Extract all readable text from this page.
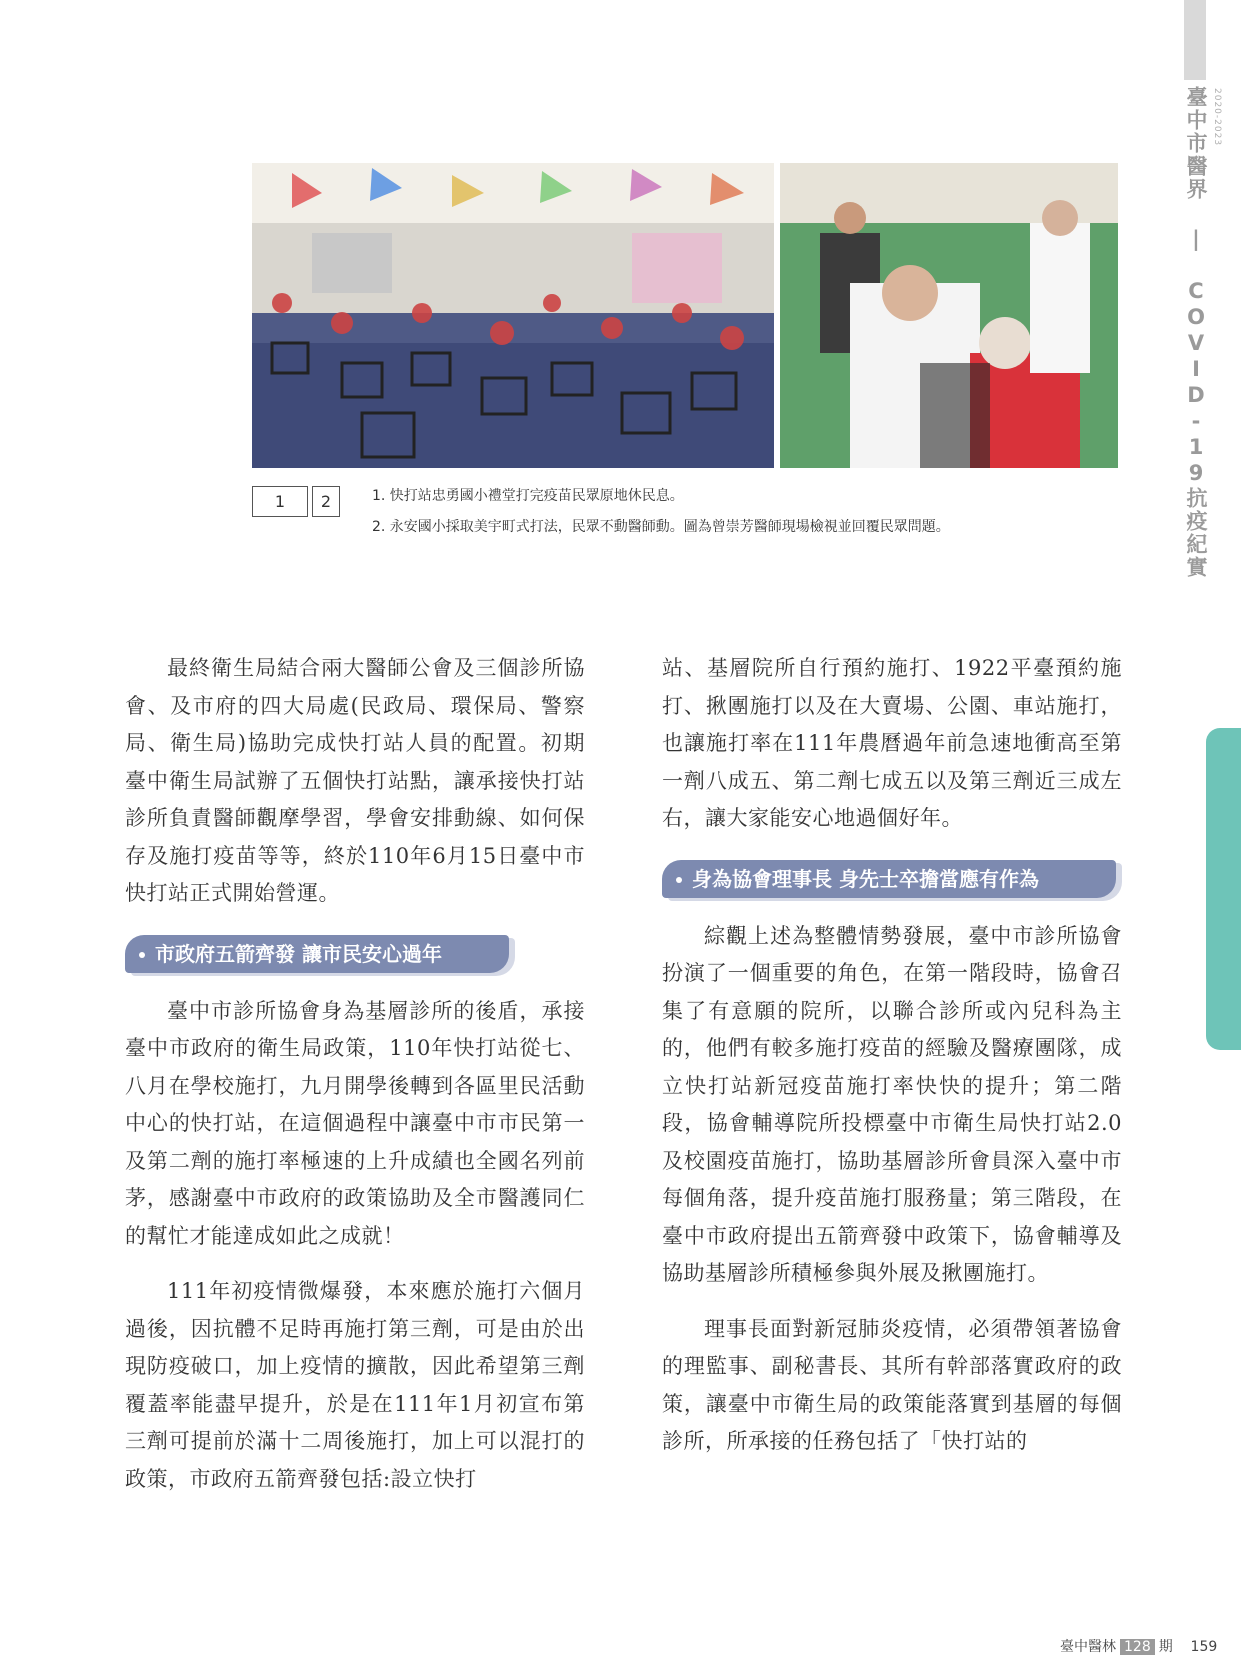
臺中市醫界 | COVID-19抗疫紀實 2020-2023
1	2	1. 快打站忠勇國小禮堂打完疫苗民眾原地休民息。
2. 永安國小採取美宇町式打法，民眾不動醫師動。圖為曾崇芳醫師現場檢視並回覆民眾問題。

最終衛生局結合兩大醫師公會及三個診所協會、及市府的四大局處(民政局、環保局、警察局、衛生局)協助完成快打站人員的配置。初期臺中衛生局試辦了五個快打站點，讓承接快打站診所負責醫師觀摩學習，學會安排動線、如何保存及施打疫苗等等，終於110年6月15日臺中市快打站正式開始營運。

市政府五箭齊發 讓市民安心過年

臺中市診所協會身為基層診所的後盾，承接臺中市政府的衛生局政策，110年快打站從七、八月在學校施打，九月開學後轉到各區里民活動中心的快打站，在這個過程中讓臺中市市民第一及第二劑的施打率極速的上升成績也全國名列前茅，感謝臺中市政府的政策協助及全市醫護同仁的幫忙才能達成如此之成就！

111年初疫情微爆發，本來應於施打六個月過後，因抗體不足時再施打第三劑，可是由於出現防疫破口，加上疫情的擴散，因此希望第三劑覆蓋率能盡早提升，於是在111年1月初宣布第三劑可提前於滿十二周後施打，加上可以混打的政策，市政府五箭齊發包括:設立快打

站、基層院所自行預約施打、1922平臺預約施打、揪團施打以及在大賣場、公園、車站施打，也讓施打率在111年農曆過年前急速地衝高至第一劑八成五、第二劑七成五以及第三劑近三成左右，讓大家能安心地過個好年。

身為協會理事長 身先士卒擔當應有作為

綜觀上述為整體情勢發展，臺中市診所協會扮演了一個重要的角色，在第一階段時，協會召集了有意願的院所，以聯合診所或內兒科為主的，他們有較多施打疫苗的經驗及醫療團隊，成立快打站新冠疫苗施打率快快的提升；第二階段，協會輔導院所投標臺中市衛生局快打站2.0及校園疫苗施打，協助基層診所會員深入臺中市每個角落，提升疫苗施打服務量；第三階段，在臺中市政府提出五箭齊發中政策下，協會輔導及協助基層診所積極參與外展及揪團施打。

理事長面對新冠肺炎疫情，必須帶領著協會的理監事、副秘書長、其所有幹部落實政府的政策，讓臺中市衛生局的政策能落實到基層的每個診所，所承接的任務包括了「快打站的

臺中醫林 128 期 159
